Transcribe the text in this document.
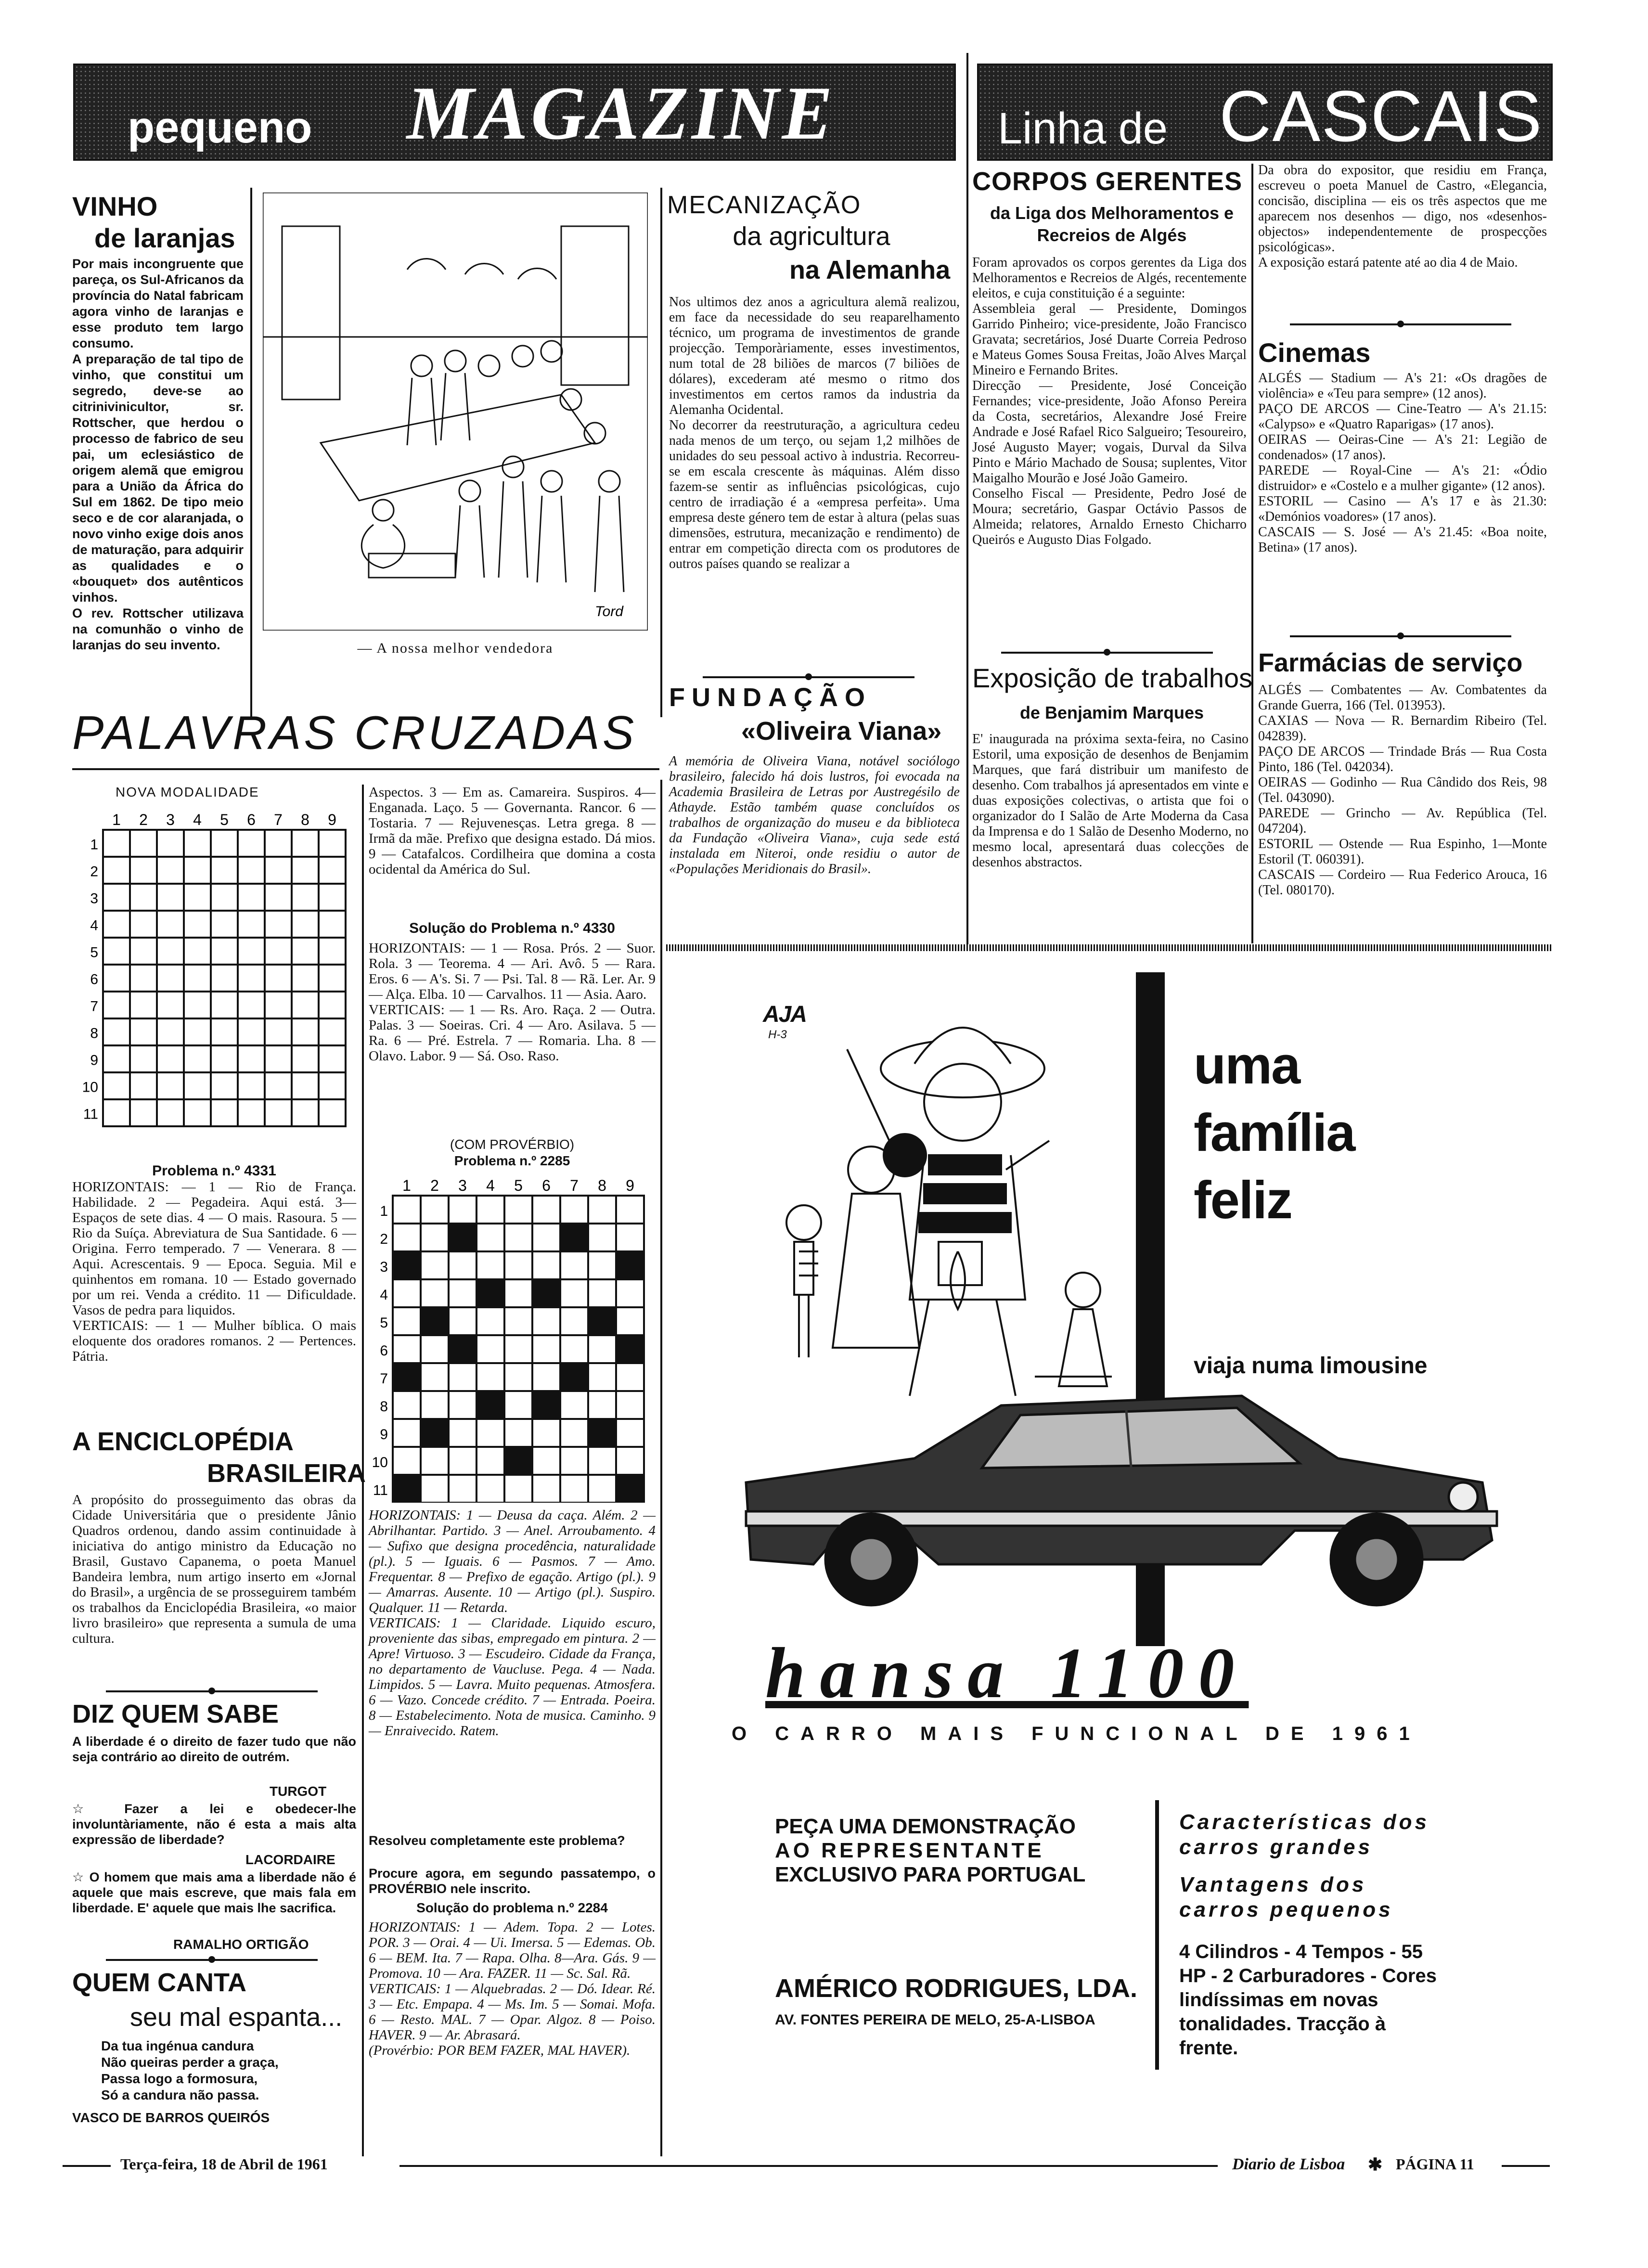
pequeno MAGAZINE	Linha de CASCAIS
VINHO
de laranjas
Por mais incongruente que pareça, os Sul-Africanos da província do Natal fabricam agora vinho de laranjas e esse produto tem largo consumo.
A preparação de tal tipo de vinho, que constitui um segredo, deve-se ao citrinivinicultor, sr. Rottscher, que herdou o processo de fabrico de seu pai, um eclesiástico de origem alemã que emigrou para a União da África do Sul em 1862. De tipo meio seco e de cor alaranjada, o novo vinho exige dois anos de maturação, para adquirir as qualidades e o «bouquet» dos autênticos vinhos.
O rev. Rottscher utilizava na comunhão o vinho de laranjas do seu invento.
Tord
— A nossa melhor vendedora
MECANIZAÇÃO
da agricultura
na Alemanha
Nos ultimos dez anos a agricultura alemã realizou, em face da necessidade do seu reaparelhamento técnico, um programa de investimentos de grande projecção. Temporàriamente, esses investimentos, num total de 28 biliões de marcos (7 biliões de dólares), excederam até mesmo o ritmo dos investimentos em certos ramos da industria da Alemanha Ocidental.
No decorrer da reestruturação, a agricultura cedeu nada menos de um terço, ou sejam 1,2 milhões de unidades do seu pessoal activo à industria. Recorreu-se em escala crescente às máquinas. Além disso fazem-se sentir as influências psicológicas, cujo centro de irradiação é a «empresa perfeita». Uma empresa deste género tem de estar à altura (pelas suas dimensões, estrutura, mecanização e rendimento) de entrar em competição directa com os produtores de outros países quando se realizar a
FUNDAÇÃO
«Oliveira Viana»
A memória de Oliveira Viana, notável sociólogo brasileiro, falecido há dois lustros, foi evocada na Academia Brasileira de Letras por Austregésilo de Athayde. Estão também quase concluídos os trabalhos de organização do museu e da biblioteca da Fundação «Oliveira Viana», cuja sede está instalada em Niteroi, onde residiu o autor de «Populações Meridionais do Brasil».
CORPOS GERENTES
da Liga dos Melhoramentos e Recreios de Algés
Foram aprovados os corpos gerentes da Liga dos Melhoramentos e Recreios de Algés, recentemente eleitos, e cuja constituição é a seguinte:
Assembleia geral — Presidente, Domingos Garrido Pinheiro; vice-presidente, João Francisco Gravata; secretários, José Duarte Correia Pedroso e Mateus Gomes Sousa Freitas, João Alves Marçal Mineiro e Fernando Brites.
Direcção — Presidente, José Conceição Fernandes; vice-presidente, João Afonso Pereira da Costa, secretários, Alexandre José Freire Andrade e José Rafael Rico Salgueiro; Tesoureiro, José Augusto Mayer; vogais, Durval da Silva Pinto e Mário Machado de Sousa; suplentes, Vitor Maigalho Mourão e José João Gameiro.
Conselho Fiscal — Presidente, Pedro José de Moura; secretário, Gaspar Octávio Passos de Almeida; relatores, Arnaldo Ernesto Chicharro Queirós e Augusto Dias Folgado.
Exposição de trabalhos
de Benjamim Marques
E' inaugurada na próxima sexta-feira, no Casino Estoril, uma exposição de desenhos de Benjamim Marques, que fará distribuir um manifesto de desenho. Com trabalhos já apresentados em vinte e duas exposições colectivas, o artista que foi o organizador do I Salão de Arte Moderna da Casa da Imprensa e do 1 Salão de Desenho Moderno, no mesmo local, apresentará duas colecções de desenhos abstractos.
Da obra do expositor, que residiu em França, escreveu o poeta Manuel de Castro, «Elegancia, concisão, disciplina — eis os três aspectos que me aparecem nos desenhos — digo, nos «desenhos-objectos» independentemente de prospecções psicológicas».
A exposição estará patente até ao dia 4 de Maio.
Cinemas
ALGÉS — Stadium — A's 21: «Os dragões de violência» e «Teu para sempre» (12 anos).
PAÇO DE ARCOS — Cine-Teatro — A's 21.15: «Calypso» e «Quatro Raparigas» (17 anos).
OEIRAS — Oeiras-Cine — A's 21: Legião de condenados» (17 anos).
PAREDE — Royal-Cine — A's 21: «Ódio distruidor» e «Costelo e a mulher gigante» (12 anos).
ESTORIL — Casino — A's 17 e às 21.30: «Demónios voadores» (17 anos).
CASCAIS — S. José — A's 21.45: «Boa noite, Betina» (17 anos).
Farmácias de serviço
ALGÉS — Combatentes — Av. Combatentes da Grande Guerra, 166 (Tel. 013953).
CAXIAS — Nova — R. Bernardim Ribeiro (Tel. 042839).
PAÇO DE ARCOS — Trindade Brás — Rua Costa Pinto, 186 (Tel. 042034).
OEIRAS — Godinho — Rua Cândido dos Reis, 98 (Tel. 043090).
PAREDE — Grincho — Av. República (Tel. 047204).
ESTORIL — Ostende — Rua Espinho, 1—Monte Estoril (T. 060391).
CASCAIS — Cordeiro — Rua Federico Arouca, 16 (Tel. 080170).
PALAVRAS CRUZADAS
NOVA MODALIDADE
1 2 3 4 5 6 7 8 9
1
2
3
4
5
6
7
8
9
10
11
Aspectos. 3 — Em as. Camareira. Suspiros. 4— Enganada. Laço. 5 — Governanta. Rancor. 6 — Tostaria. 7 — Rejuvenesças. Letra grega. 8 — Irmã da mãe. Prefixo que designa estado. Dá mios. 9 — Catafalcos. Cordilheira que domina a costa ocidental da América do Sul.
Solução do Problema n.º 4330
HORIZONTAIS: — 1 — Rosa. Prós. 2 — Suor. Rola. 3 — Teorema. 4 — Ari. Avô. 5 — Rara. Eros. 6 — A's. Si. 7 — Psi. Tal. 8 — Rã. Ler. Ar. 9 — Alça. Elba. 10 — Carvalhos. 11 — Asia. Aaro.
VERTICAIS: — 1 — Rs. Aro. Raça. 2 — Outra. Palas. 3 — Soeiras. Cri. 4 — Aro. Asilava. 5 — Ra. 6 — Pré. Estrela. 7 — Romaria. Lha. 8 — Olavo. Labor. 9 — Sá. Oso. Raso.
Problema n.º 4331
HORIZONTAIS: — 1 — Rio de França. Habilidade. 2 — Pegadeira. Aqui está. 3—Espaços de sete dias. 4 — O mais. Rasoura. 5 — Rio da Suíça. Abreviatura de Sua Santidade. 6 — Origina. Ferro temperado. 7 — Venerara. 8 — Aqui. Acrescentais. 9 — Epoca. Seguia. Mil e quinhentos em romana. 10 — Estado governado por um rei. Venda a crédito. 11 — Dificuldade. Vasos de pedra para liquidos.
VERTICAIS: — 1 — Mulher bíblica. O mais eloquente dos oradores romanos. 2 — Pertences. Pátria.
(COM PROVÉRBIO)
Problema n.º 2285
1 2 3 4 5 6 7 8 9
1
2
3
4
5
6
7
8
9
10
11
HORIZONTAIS: 1 — Deusa da caça. Além. 2 — Abrilhantar. Partido. 3 — Anel. Arroubamento. 4 — Sufixo que designa procedência, naturalidade (pl.). 5 — Iguais. 6 — Pasmos. 7 — Amo. Frequentar. 8 — Prefixo de egação. Artigo (pl.). 9 — Amarras. Ausente. 10 — Artigo (pl.). Suspiro. Qualquer. 11 — Retarda.
VERTICAIS: 1 — Claridade. Liquido escuro, proveniente das sibas, empregado em pintura. 2 — Apre! Virtuoso. 3 — Escudeiro. Cidade da França, no departamento de Vaucluse. Pega. 4 — Nada. Limpidos. 5 — Lavra. Muito pequenas. Atmosfera. 6 — Vazo. Concede crédito. 7 — Entrada. Poeira. 8 — Estabelecimento. Nota de musica. Caminho. 9 — Enraivecido. Ratem.
Resolveu completamente este problema?
Procure agora, em segundo passatempo, o PROVÉRBIO nele inscrito.
Solução do problema n.º 2284
HORIZONTAIS: 1 — Adem. Topa. 2 — Lotes. POR. 3 — Orai. 4 — Ui. Imersa. 5 — Edemas. Ob. 6 — BEM. Ita. 7 — Rapa. Olha. 8—Ara. Gás. 9 — Promova. 10 — Ara. FAZER. 11 — Sc. Sal. Rã.
VERTICAIS: 1 — Alquebradas. 2 — Dó. Idear. Ré. 3 — Etc. Empapa. 4 — Ms. Im. 5 — Somai. Mofa. 6 — Resto. MAL. 7 — Opar. Algoz. 8 — Poiso. HAVER. 9 — Ar. Abrasará.
(Provérbio: POR BEM FAZER, MAL HAVER).
A ENCICLOPÉDIA
BRASILEIRA
A propósito do prosseguimento das obras da Cidade Universitária que o presidente Jânio Quadros ordenou, dando assim continuidade à iniciativa do antigo ministro da Educação no Brasil, Gustavo Capanema, o poeta Manuel Bandeira lembra, num artigo inserto em «Jornal do Brasil», a urgência de se prosseguirem também os trabalhos da Enciclopédia Brasileira, «o maior livro brasileiro» que representa a sumula de uma cultura.
DIZ QUEM SABE
A liberdade é o direito de fazer tudo que não seja contrário ao direito de outrém.
TURGOT
☆ Fazer a lei e obedecer-lhe involuntàriamente, não é esta a mais alta expressão de liberdade?
LACORDAIRE
☆ O homem que mais ama a liberdade não é aquele que mais escreve, que mais fala em liberdade. E' aquele que mais lhe sacrifica.
RAMALHO ORTIGÃO
QUEM CANTA
seu mal espanta...
Da tua ingénua candura
Não queiras perder a graça,
Passa logo a formosura,
Só a candura não passa.
VASCO DE BARROS QUEIRÓS
AJA
H-3
uma
família
feliz
viaja numa limousine
hansa 1100
O CARRO MAIS FUNCIONAL DE 1961
PEÇA UMA DEMONSTRAÇÃO
AO REPRESENTANTE
EXCLUSIVO PARA PORTUGAL
AMÉRICO RODRIGUES, LDA.
AV. FONTES PEREIRA DE MELO, 25-A-LISBOA
Características dos carros grandes
Vantagens dos carros pequenos
4 Cilindros - 4 Tempos - 55 HP - 2 Carburadores - Cores lindíssimas em novas tonalidades. Tracção à frente.
Terça-feira, 18 de Abril de 1961	Diario de Lisboa ✱ PÁGINA 11
